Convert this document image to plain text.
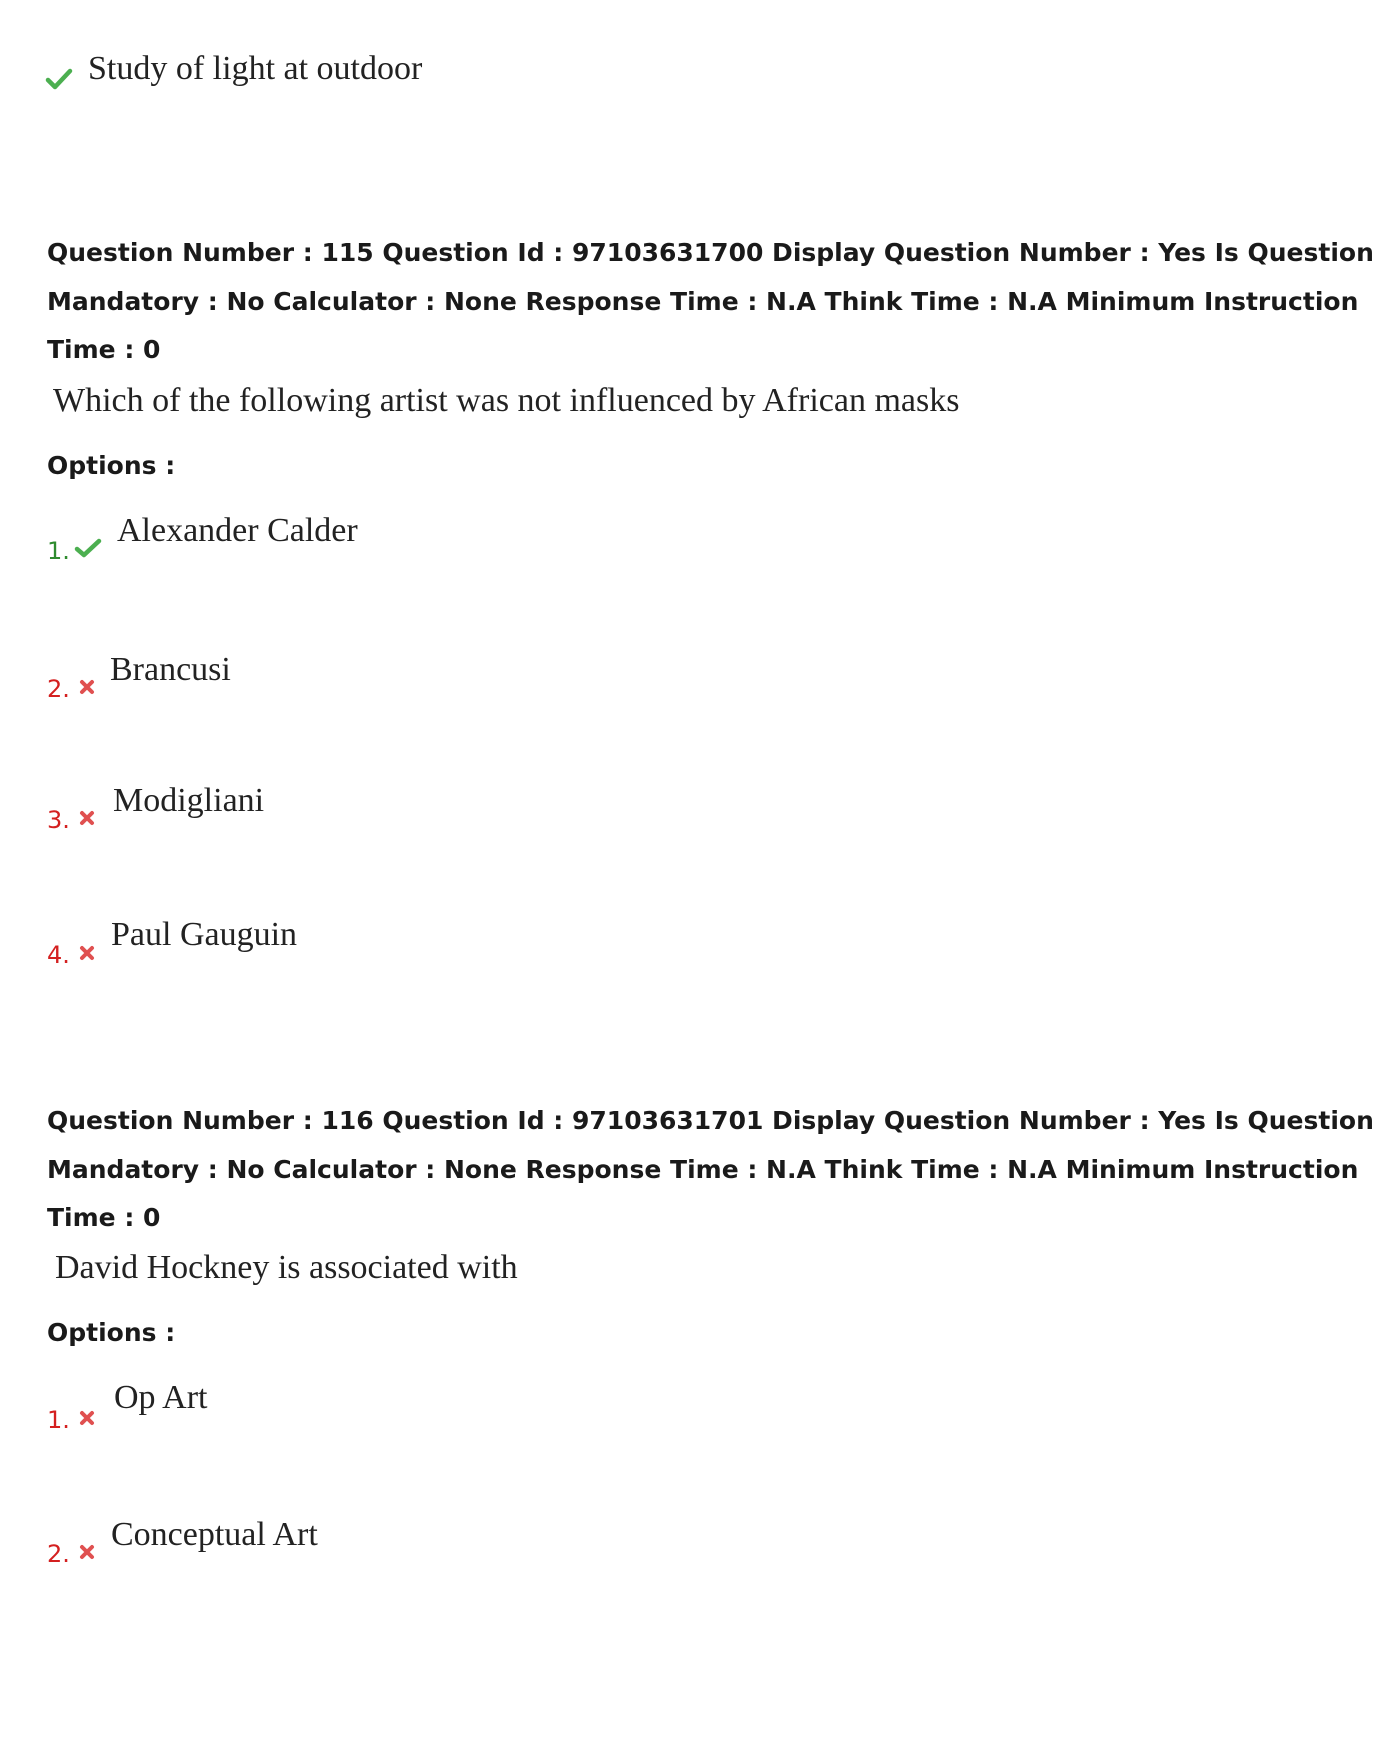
Study of light at outdoor
Question Number : 115 Question Id : 97103631700 Display Question Number : Yes Is Question
Mandatory : No Calculator : None Response Time : N.A Think Time : N.A Minimum Instruction
Time : 0
Which of the following artist was not influenced by African masks
Options :
1.
Alexander Calder
2.
Brancusi
3.
Modigliani
4.
Paul Gauguin
Question Number : 116 Question Id : 97103631701 Display Question Number : Yes Is Question
Mandatory : No Calculator : None Response Time : N.A Think Time : N.A Minimum Instruction
Time : 0
David Hockney is associated with
Options :
1.
Op Art
2.
Conceptual Art
